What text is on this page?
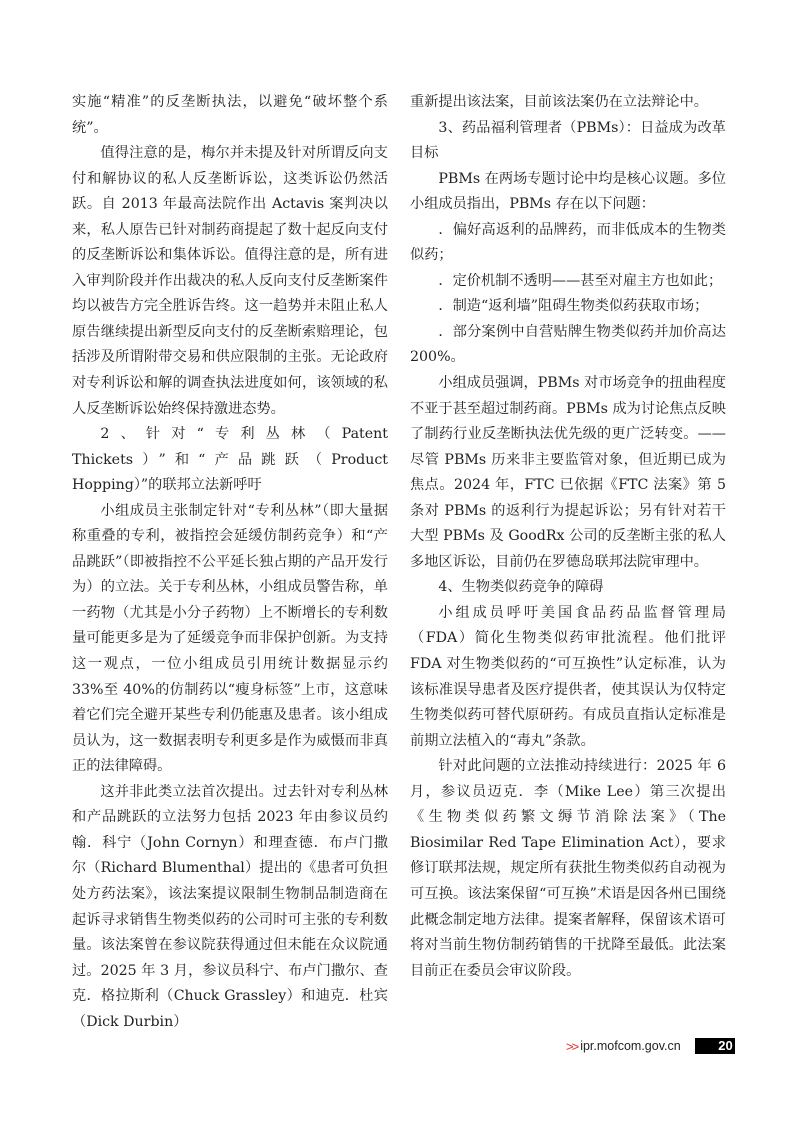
实施“精准”的反垄断执法，以避免“破坏整个系统”。

值得注意的是，梅尔并未提及针对所谓反向支付和解协议的私人反垄断诉讼，这类诉讼仍然活跃。自 2013 年最高法院作出 Actavis 案判决以来，私人原告已针对制药商提起了数十起反向支付的反垄断诉讼和集体诉讼。值得注意的是，所有进入审判阶段并作出裁决的私人反向支付反垄断案件均以被告方完全胜诉告终。这一趋势并未阻止私人原告继续提出新型反向支付的反垄断索赔理论，包括涉及所谓附带交易和供应限制的主张。无论政府对专利诉讼和解的调查执法进度如何，该领域的私人反垄断诉讼始终保持激进态势。

2、针对“专利丛林（Patent Thickets）”和“产品跳跃（Product Hopping）”的联邦立法新呼吁

小组成员主张制定针对“专利丛林”（即大量据称重叠的专利，被指控会延缓仿制药竞争）和“产品跳跃”（即被指控不公平延长独占期的产品开发行为）的立法。关于专利丛林，小组成员警告称，单一药物（尤其是小分子药物）上不断增长的专利数量可能更多是为了延缓竞争而非保护创新。为支持这一观点，一位小组成员引用统计数据显示约 33%至 40%的仿制药以“瘦身标签”上市，这意味着它们完全避开某些专利仍能惠及患者。该小组成员认为，这一数据表明专利更多是作为威慑而非真正的法律障碍。

这并非此类立法首次提出。过去针对专利丛林和产品跳跃的立法努力包括 2023 年由参议员约翰．科宁（John Cornyn）和理查德．布卢门撒尔（Richard Blumenthal）提出的《患者可负担处方药法案》，该法案提议限制生物制品制造商在起诉寻求销售生物类似药的公司时可主张的专利数量。该法案曾在参议院获得通过但未能在众议院通过。2025 年 3 月，参议员科宁、布卢门撒尔、查克．格拉斯利（Chuck Grassley）和迪克．杜宾（Dick Durbin）

重新提出该法案，目前该法案仍在立法辩论中。

3、药品福利管理者（PBMs）：日益成为改革目标

PBMs 在两场专题讨论中均是核心议题。多位小组成员指出，PBMs 存在以下问题：

．偏好高返利的品牌药，而非低成本的生物类似药；

．定价机制不透明——甚至对雇主方也如此；

．制造“返利墙”阻碍生物类似药获取市场；

．部分案例中自营贴牌生物类似药并加价高达200%。

小组成员强调，PBMs 对市场竞争的扭曲程度不亚于甚至超过制药商。PBMs 成为讨论焦点反映了制药行业反垄断执法优先级的更广泛转变。——尽管 PBMs 历来非主要监管对象，但近期已成为焦点。2024 年，FTC 已依据《FTC 法案》第 5 条对 PBMs 的返利行为提起诉讼；另有针对若干大型 PBMs 及 GoodRx 公司的反垄断主张的私人多地区诉讼，目前仍在罗德岛联邦法院审理中。

4、生物类似药竞争的障碍

小组成员呼吁美国食品药品监督管理局（FDA）简化生物类似药审批流程。他们批评 FDA 对生物类似药的“可互换性”认定标准，认为该标准误导患者及医疗提供者，使其误认为仅特定生物类似药可替代原研药。有成员直指认定标准是前期立法植入的“毒丸”条款。

针对此问题的立法推动持续进行：2025 年 6 月，参议员迈克．李（Mike Lee）第三次提出《生物类似药繁文缛节消除法案》（The Biosimilar Red Tape Elimination Act），要求修订联邦法规，规定所有获批生物类似药自动视为可互换。该法案保留“可互换”术语是因各州已围绕此概念制定地方法律。提案者解释，保留该术语可将对当前生物仿制药销售的干扰降至最低。此法案目前正在委员会审议阶段。

>> ipr.mofcom.gov.cn	20
